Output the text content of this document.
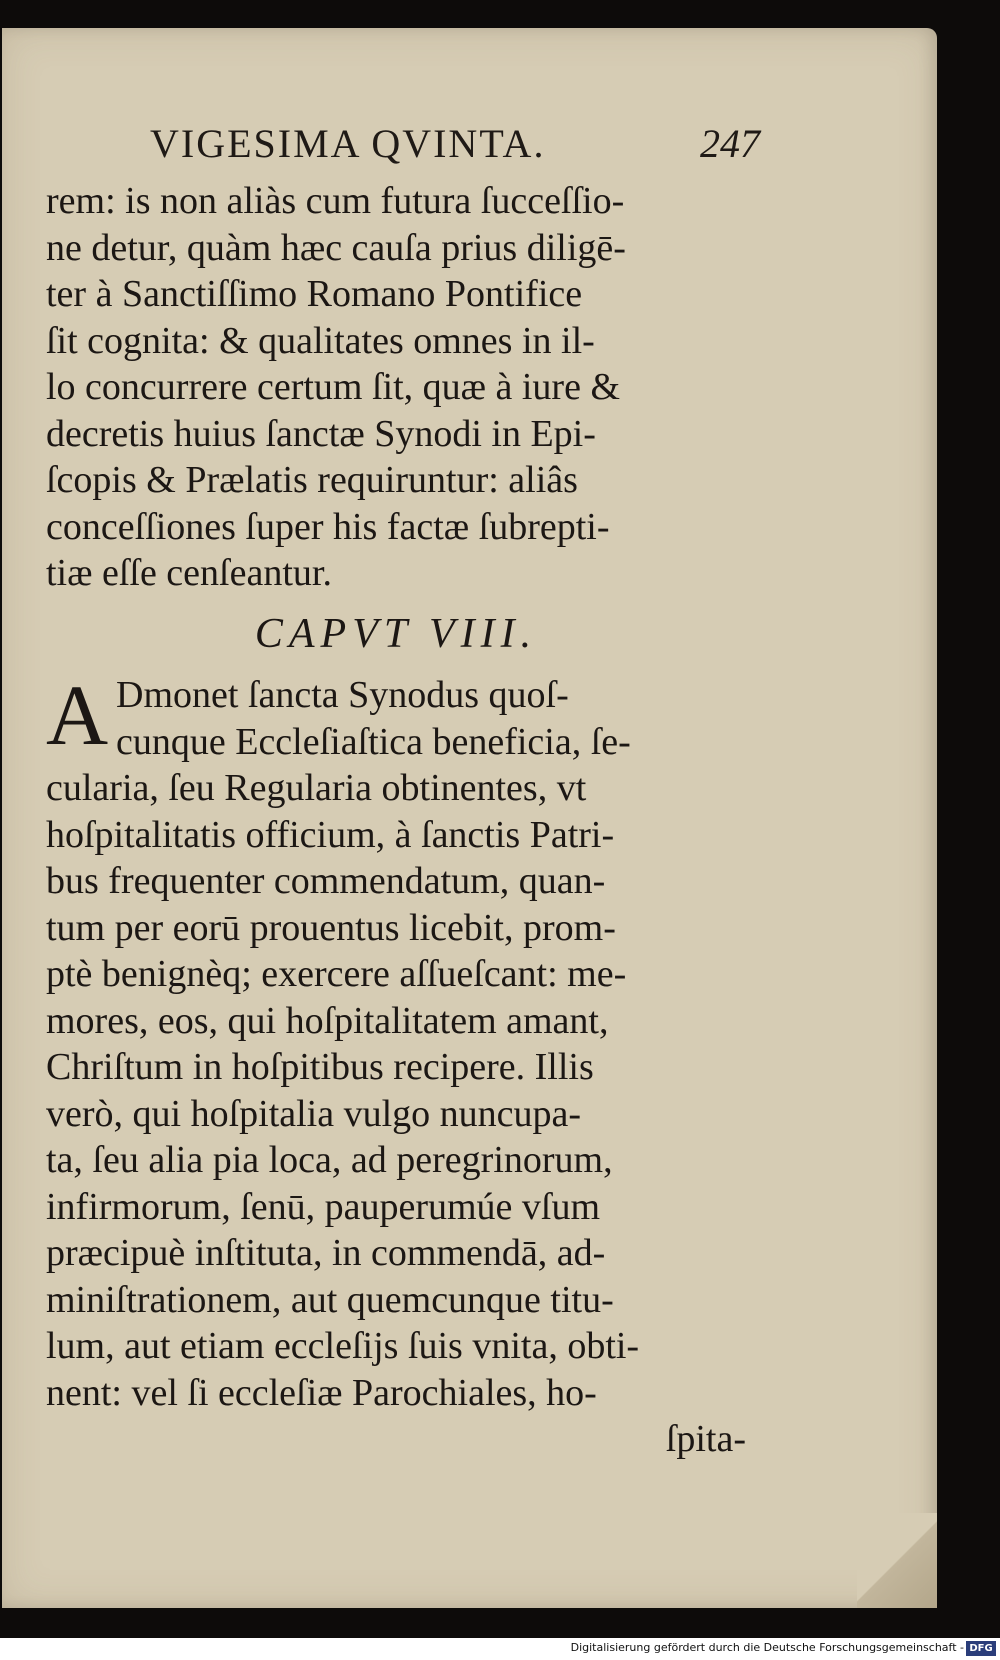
VIGESIMA QVINTA.	247
rem: is non aliàs cum futura ſucceſſio-
ne detur, quàm hæc cauſa prius diligē-
ter à Sanctiſſimo Romano Pontifice
ſit cognita: & qualitates omnes in il-
lo concurrere certum ſit, quæ à iure &
decretis huius ſanctæ Synodi in Epi-
ſcopis & Prælatis requiruntur: aliâs
conceſſiones ſuper his factæ ſubrepti-
tiæ eſſe cenſeantur.
CAPVT VIII.
A Dmonet ſancta Synodus quoſ-
cunque Eccleſiaſtica beneficia, ſe-
cularia, ſeu Regularia obtinentes, vt
hoſpitalitatis officium, à ſanctis Patri-
bus frequenter commendatum, quan-
tum per eorū prouentus licebit, prom-
ptè benignèq; exercere aſſueſcant: me-
mores, eos, qui hoſpitalitatem amant,
Chriſtum in hoſpitibus recipere. Illis
verò, qui hoſpitalia vulgo nuncupa-
ta, ſeu alia pia loca, ad peregrinorum,
infirmorum, ſenū, pauperumúe vſum
præcipuè inſtituta, in commendā, ad-
miniſtrationem, aut quemcunque titu-
lum, aut etiam eccleſijs ſuis vnita, obti-
nent: vel ſi eccleſiæ Parochiales, ho-
ſpita-
Digitalisierung gefördert durch die Deutsche Forschungsgemeinschaft - DFG
